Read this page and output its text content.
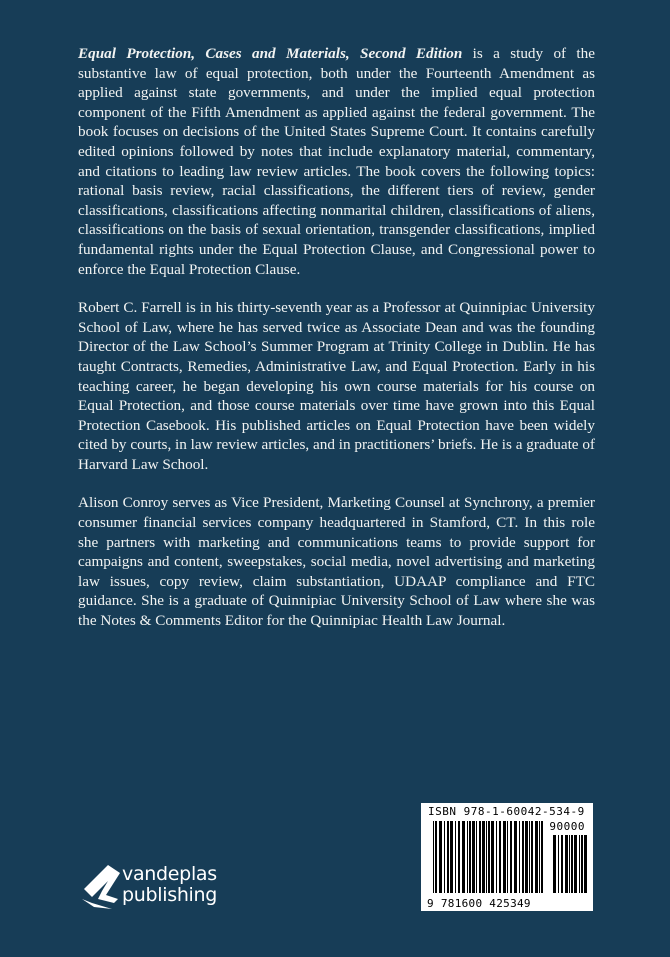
Equal Protection, Cases and Materials, Second Edition is a study of the substantive law of equal protection, both under the Fourteenth Amendment as applied against state governments, and under the implied equal protection component of the Fifth Amendment as applied against the federal government. The book focuses on decisions of the United States Supreme Court. It contains carefully edited opinions followed by notes that include explanatory material, commentary, and citations to leading law review articles. The book covers the following topics: rational basis review, racial classifications, the different tiers of review, gender classifications, classifications affecting nonmarital children, classifications of aliens, classifications on the basis of sexual orientation, transgender classifications, implied fundamental rights under the Equal Protection Clause, and Congressional power to enforce the Equal Protection Clause.

Robert C. Farrell is in his thirty-seventh year as a Professor at Quinnipiac University School of Law, where he has served twice as Associate Dean and was the founding Director of the Law School’s Summer Program at Trinity College in Dublin. He has taught Contracts, Remedies, Administrative Law, and Equal Protection. Early in his teaching career, he began developing his own course materials for his course on Equal Protection, and those course materials over time have grown into this Equal Protection Casebook. His published articles on Equal Protection have been widely cited by courts, in law review articles, and in practitioners’ briefs. He is a graduate of Harvard Law School.

Alison Conroy serves as Vice President, Marketing Counsel at Synchrony, a premier consumer financial services company headquartered in Stamford, CT. In this role she partners with marketing and communications teams to provide support for campaigns and content, sweepstakes, social media, novel advertising and marketing law issues, copy review, claim substantiation, UDAAP compliance and FTC guidance. She is a graduate of Quinnipiac University School of Law where she was the Notes & Comments Editor for the Quinnipiac Health Law Journal.

ISBN 978-1-60042-534-9
90000
9 781600 425349
vandeplas
publishing
